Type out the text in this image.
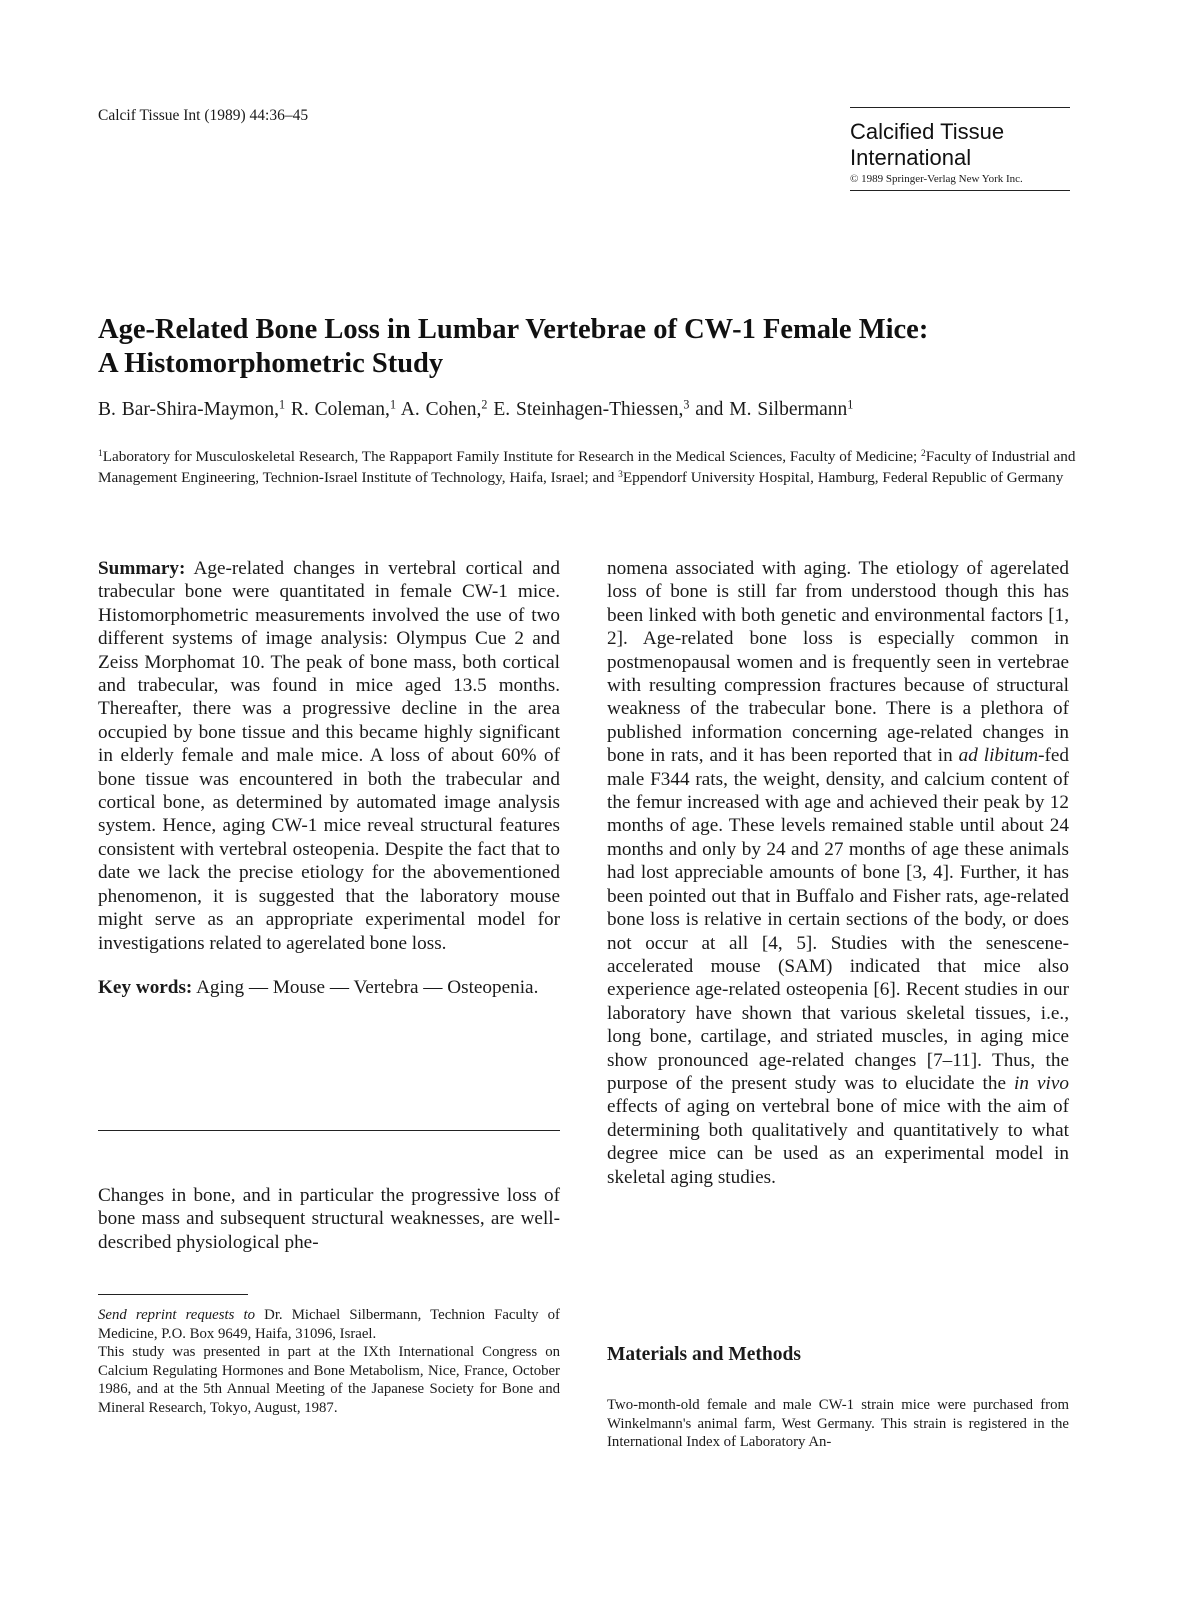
Calcif Tissue Int (1989) 44:36–45
Calcified Tissue
International
© 1989 Springer-Verlag New York Inc.
Age-Related Bone Loss in Lumbar Vertebrae of CW-1 Female Mice:
A Histomorphometric Study
B. Bar-Shira-Maymon,$^1$ R. Coleman,$^1$ A. Cohen,$^2$ E. Steinhagen-Thiessen,$^3$ and M. Silbermann$^1$
$^1$Laboratory for Musculoskeletal Research, The Rappaport Family Institute for Research in the Medical Sciences, Faculty of Medicine; $^2$Faculty of Industrial and Management Engineering, Technion-Israel Institute of Technology, Haifa, Israel; and $^3$Eppendorf University Hospital, Hamburg, Federal Republic of Germany
Summary: Age-related changes in vertebral cortical and trabecular bone were quantitated in female CW-1 mice. Histomorphometric measurements involved the use of two different systems of image analysis: Olympus Cue 2 and Zeiss Morphomat 10. The peak of bone mass, both cortical and trabecular, was found in mice aged 13.5 months. Thereafter, there was a progressive decline in the area occupied by bone tissue and this became highly significant in elderly female and male mice. A loss of about 60% of bone tissue was encountered in both the trabecular and cortical bone, as determined by automated image analysis system. Hence, aging CW-1 mice reveal structural features consistent with vertebral osteopenia. Despite the fact that to date we lack the precise etiology for the abovementioned phenomenon, it is suggested that the laboratory mouse might serve as an appropriate experimental model for investigations related to agerelated bone loss.
Key words: Aging — Mouse — Vertebra — Osteopenia.
Changes in bone, and in particular the progressive loss of bone mass and subsequent structural weaknesses, are well-described physiological phe-
nomena associated with aging. The etiology of agerelated loss of bone is still far from understood though this has been linked with both genetic and environmental factors [1, 2]. Age-related bone loss is especially common in postmenopausal women and is frequently seen in vertebrae with resulting compression fractures because of structural weakness of the trabecular bone. There is a plethora of published information concerning age-related changes in bone in rats, and it has been reported that in ad libitum-fed male F344 rats, the weight, density, and calcium content of the femur increased with age and achieved their peak by 12 months of age. These levels remained stable until about 24 months and only by 24 and 27 months of age these animals had lost appreciable amounts of bone [3, 4]. Further, it has been pointed out that in Buffalo and Fisher rats, age-related bone loss is relative in certain sections of the body, or does not occur at all [4, 5]. Studies with the senescene-accelerated mouse (SAM) indicated that mice also experience age-related osteopenia [6]. Recent studies in our laboratory have shown that various skeletal tissues, i.e., long bone, cartilage, and striated muscles, in aging mice show pronounced age-related changes [7–11]. Thus, the purpose of the present study was to elucidate the in vivo effects of aging on vertebral bone of mice with the aim of determining both qualitatively and quantitatively to what degree mice can be used as an experimental model in skeletal aging studies.
Send reprint requests to Dr. Michael Silbermann, Technion Faculty of Medicine, P.O. Box 9649, Haifa, 31096, Israel.
This study was presented in part at the IXth International Congress on Calcium Regulating Hormones and Bone Metabolism, Nice, France, October 1986, and at the 5th Annual Meeting of the Japanese Society for Bone and Mineral Research, Tokyo, August, 1987.
Materials and Methods
Two-month-old female and male CW-1 strain mice were purchased from Winkelmann's animal farm, West Germany. This strain is registered in the International Index of Laboratory An-
